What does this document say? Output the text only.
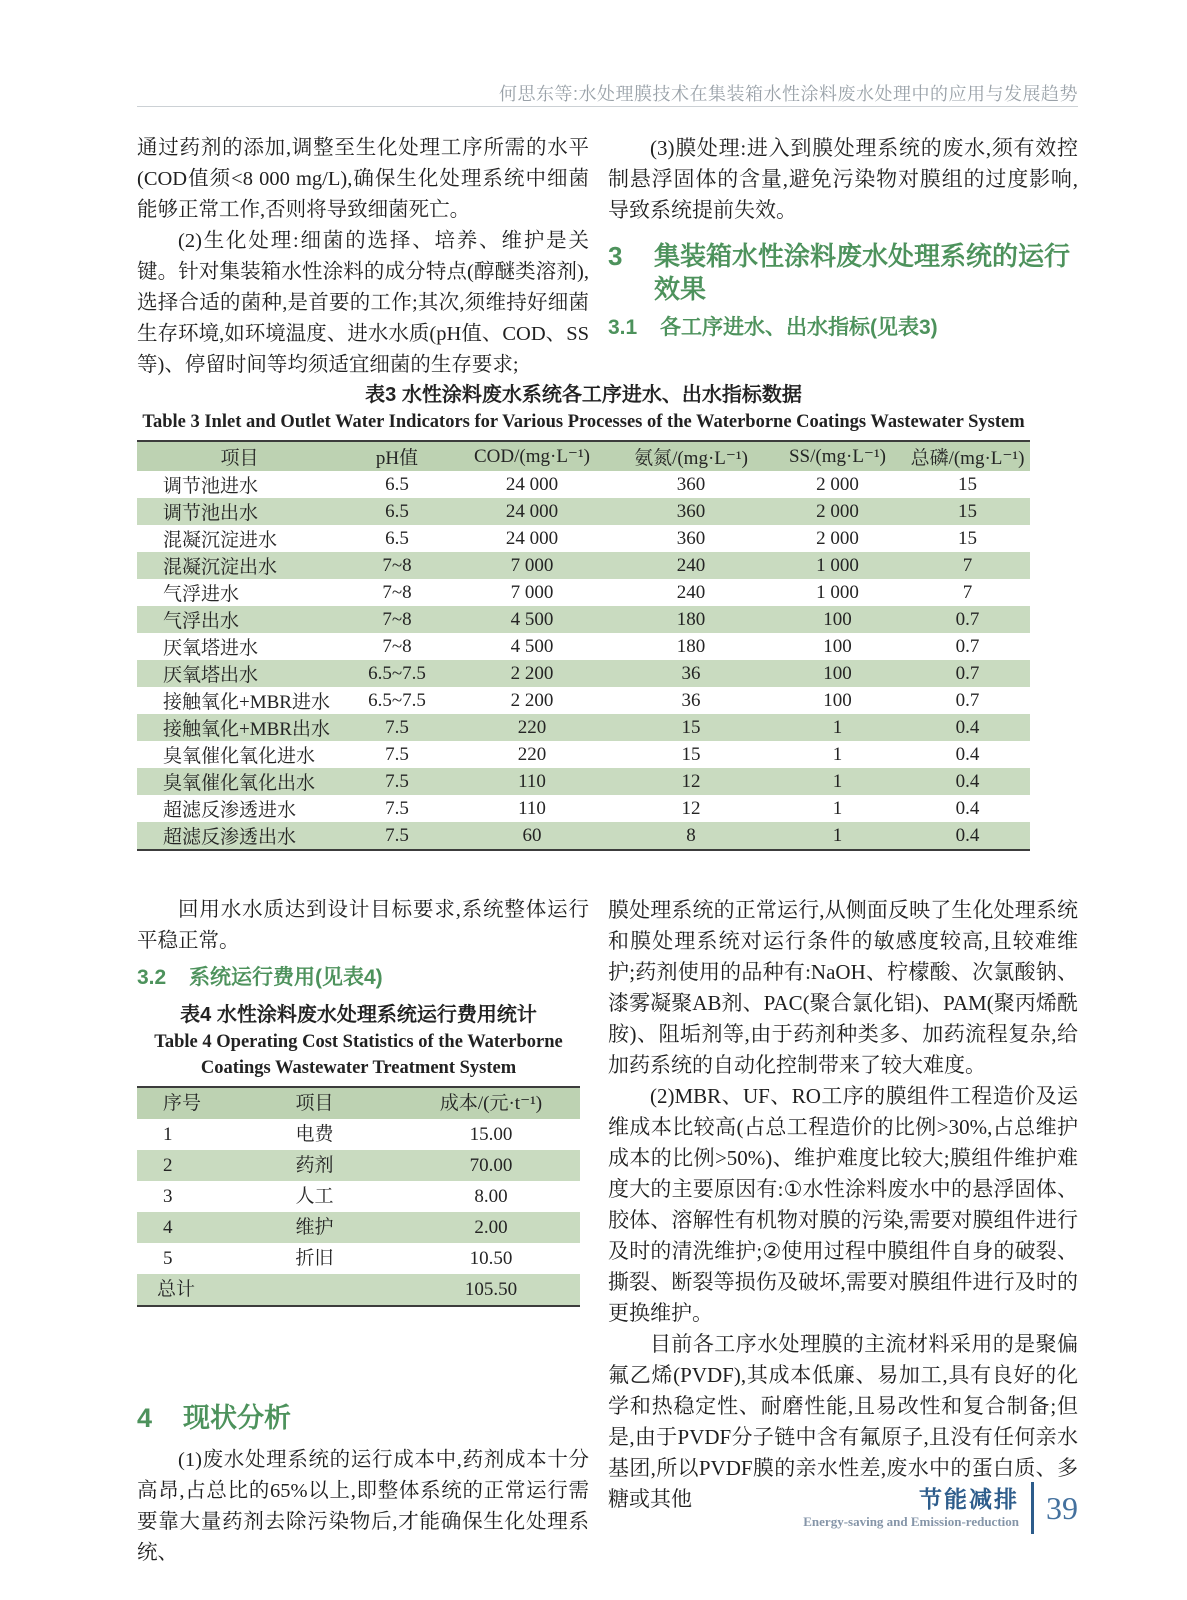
何思东等:水处理膜技术在集装箱水性涂料废水处理中的应用与发展趋势

通过药剂的添加,调整至生化处理工序所需的水平(COD值须<8 000 mg/L),确保生化处理系统中细菌能够正常工作,否则将导致细菌死亡。

(2)生化处理:细菌的选择、培养、维护是关键。针对集装箱水性涂料的成分特点(醇醚类溶剂),选择合适的菌种,是首要的工作;其次,须维持好细菌生存环境,如环境温度、进水水质(pH值、COD、SS等)、停留时间等均须适宜细菌的生存要求;

(3)膜处理:进入到膜处理系统的废水,须有效控制悬浮固体的含量,避免污染物对膜组的过度影响,导致系统提前失效。

3	集装箱水性涂料废水处理系统的运行效果
3.1	各工序进水、出水指标(见表3)
表3 水性涂料废水系统各工序进水、出水指标数据
Table 3 Inlet and Outlet Water Indicators for Various Processes of the Waterborne Coatings Wastewater System
项目	pH值	COD/(mg·L⁻¹)	氨氮/(mg·L⁻¹)	SS/(mg·L⁻¹)	总磷/(mg·L⁻¹)
调节池进水	6.5	24 000	360	2 000	15
调节池出水	6.5	24 000	360	2 000	15
混凝沉淀进水	6.5	24 000	360	2 000	15
混凝沉淀出水	7~8	7 000	240	1 000	7
气浮进水	7~8	7 000	240	1 000	7
气浮出水	7~8	4 500	180	100	0.7
厌氧塔进水	7~8	4 500	180	100	0.7
厌氧塔出水	6.5~7.5	2 200	36	100	0.7
接触氧化+MBR进水	6.5~7.5	2 200	36	100	0.7
接触氧化+MBR出水	7.5	220	15	1	0.4
臭氧催化氧化进水	7.5	220	15	1	0.4
臭氧催化氧化出水	7.5	110	12	1	0.4
超滤反渗透进水	7.5	110	12	1	0.4
超滤反渗透出水	7.5	60	8	1	0.4

回用水水质达到设计目标要求,系统整体运行平稳正常。

3.2	系统运行费用(见表4)
表4 水性涂料废水处理系统运行费用统计
Table 4 Operating Cost Statistics of the Waterborne
Coatings Wastewater Treatment System
序号	项目	成本/(元·t⁻¹)
1	电费	15.00
2	药剂	70.00
3	人工	8.00
4	维护	2.00
5	折旧	10.50
总计		105.50
4	现状分析

(1)废水处理系统的运行成本中,药剂成本十分高昂,占总比的65%以上,即整体系统的正常运行需要靠大量药剂去除污染物后,才能确保生化处理系统、

膜处理系统的正常运行,从侧面反映了生化处理系统和膜处理系统对运行条件的敏感度较高,且较难维护;药剂使用的品种有:NaOH、柠檬酸、次氯酸钠、漆雾凝聚AB剂、PAC(聚合氯化铝)、PAM(聚丙烯酰胺)、阻垢剂等,由于药剂种类多、加药流程复杂,给加药系统的自动化控制带来了较大难度。

(2)MBR、UF、RO工序的膜组件工程造价及运维成本比较高(占总工程造价的比例>30%,占总维护成本的比例>50%)、维护难度比较大;膜组件维护难度大的主要原因有:①水性涂料废水中的悬浮固体、胶体、溶解性有机物对膜的污染,需要对膜组件进行及时的清洗维护;②使用过程中膜组件自身的破裂、撕裂、断裂等损伤及破坏,需要对膜组件进行及时的更换维护。

目前各工序水处理膜的主流材料采用的是聚偏氟乙烯(PVDF),其成本低廉、易加工,具有良好的化学和热稳定性、耐磨性能,且易改性和复合制备;但是,由于PVDF分子链中含有氟原子,且没有任何亲水基团,所以PVDF膜的亲水性差,废水中的蛋白质、多糖或其他	节能减排
Energy-saving and Emission-reduction 39
